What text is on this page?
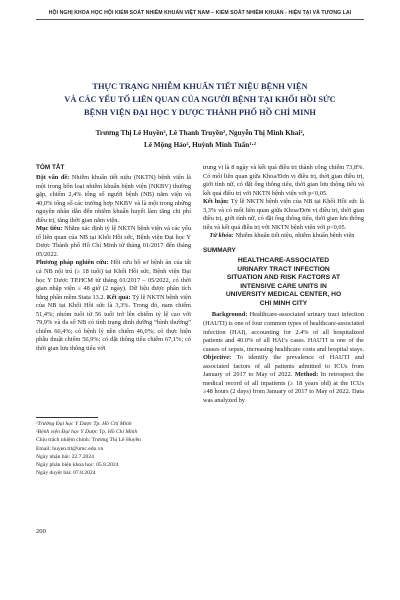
HỘI NGHỊ KHOA HỌC HỘI KIỂM SOÁT NHIỄM KHUẨN VIỆT NAM – KIỂM SOÁT NHIỄM KHUẨN - HIỆN TẠI VÀ TƯƠNG LAI
THỰC TRẠNG NHIỄM KHUẨN TIẾT NIỆU BỆNH VIỆN
VÀ CÁC YẾU TỐ LIÊN QUAN CỦA NGƯỜI BỆNH TẠI KHỐI HỒI SỨC
BỆNH VIỆN ĐẠI HỌC Y DƯỢC THÀNH PHỐ HỒ CHÍ MINH
Trương Thị Lê Huyền², Lê Thanh Truyền², Nguyễn Thị Minh Khai²,
Lê Mộng Hảo², Huỳnh Minh Tuấn¹·²
TÓM TẮT

Đặt vấn đề: Nhiễm khuẩn tiết niệu (NKTN) bệnh viện là một trong bốn loại nhiễm khuẩn bệnh viện (NKBV) thường gặp, chiếm 2,4% tổng số người bệnh (NB) nằm viện và 40,0% tổng số các trường hợp NKBV và là một trong những nguyên nhân dẫn đến nhiễm khuẩn huyết làm tăng chi phí điều trị, tăng thời gian nằm viện.
Mục tiêu: Nhằm xác định tỷ lệ NKTN bệnh viện và các yếu tố liên quan của NB tại Khối Hồi sức, Bệnh viện Đại học Y Dược Thành phố Hồ Chí Minh từ tháng 01/2017 đến tháng 05/2022.
Phương pháp nghiên cứu: Hồi cứu hồ sơ bệnh án của tất cả NB nội trú (≥ 18 tuổi) tại Khối Hồi sức, Bệnh viện Đại học Y Dược TP.HCM từ tháng 01/2017 – 05/2022, có thời gian nhập viện ≥ 48 giờ (2 ngày). Dữ liệu được phân tích bằng phần mềm Stata 13.2. Kết quả: Tỷ lệ NKTN bệnh viện của NB tại Khối Hồi sức là 3,3%. Trong đó, nam chiếm 51,4%; nhóm tuổi từ 56 tuổi trở lên chiếm tỷ lệ cao với 79,9% và đa số NB có tình trạng dinh dưỡng “bình thường” chiếm 66,4%; có bệnh lý nền chiếm 46,0%; có thực hiện phẫu thuật chiếm 56,9%; có đặt thông tiểu chiếm 67,1%; có thời gian lưu thông tiểu với

¹Trường Đại học Y Dược Tp. Hồ Chí Minh
²Bệnh viện Đại học Y Dược Tp. Hồ Chí Minh
Chịu trách nhiệm chính: Trương Thị Lê Huyền
Email: huyen.ttl@umc.edu.vn
Ngày nhận bài: 22.7.2024
Ngày phản biện khoa học: 05.8.2024
Ngày duyệt bài: 07.8.2024
200

trung vị là 8 ngày và kết quả điều trị thành công chiếm 73,8%. Có mối liên quan giữa Khoa/Đơn vị điều trị, thời gian điều trị, giới tính nữ, có đặt ống thông tiểu, thời gian lưu thông tiểu và kết quả điều trị với NKTN bệnh viện với p<0,05.
Kết luận: Tỷ lệ NKTN bệnh viện của NB tại Khối Hồi sức là 3,3% và có mối liên quan giữa Khoa/Đơn vị điều trị, thời gian điều trị, giới tính nữ, có đặt ống thông tiểu, thời gian lưu thông tiểu và kết quả điều trị với NKTN bệnh viện với p<0,05.
Từ khóa: Nhiễm khuẩn tiết niệu, nhiễm khuẩn bệnh viện

SUMMARY
HEALTHCARE-ASSOCIATED
URINARY TRACT INFECTION
SITUATION AND RISK FACTORS AT
INTENSIVE CARE UNITS IN
UNIVERSITY MEDICAL CENTER, HO
CHI MINH CITY

Background: Healthcare-associated urinary tract infection (HAUTI) is one of four common types of healthcare-associated infection (HAI), accounting for 2.4% of all hospitalized patients and 40.0% of all HAI’s cases. HAUTI is one of the causes of sepsis, increasing healthcare costs and hospital stays. Objective: To identify the prevalence of HAUTI and associated factors of all patients admitted to ICUs from January of 2017 to May of 2022. Method: In retrospect the medical record of all inpatients (≥ 18 years old) at the ICUs ≥48 hours (2 days) from January of 2017 to May of 2022. Data was analyzed by
